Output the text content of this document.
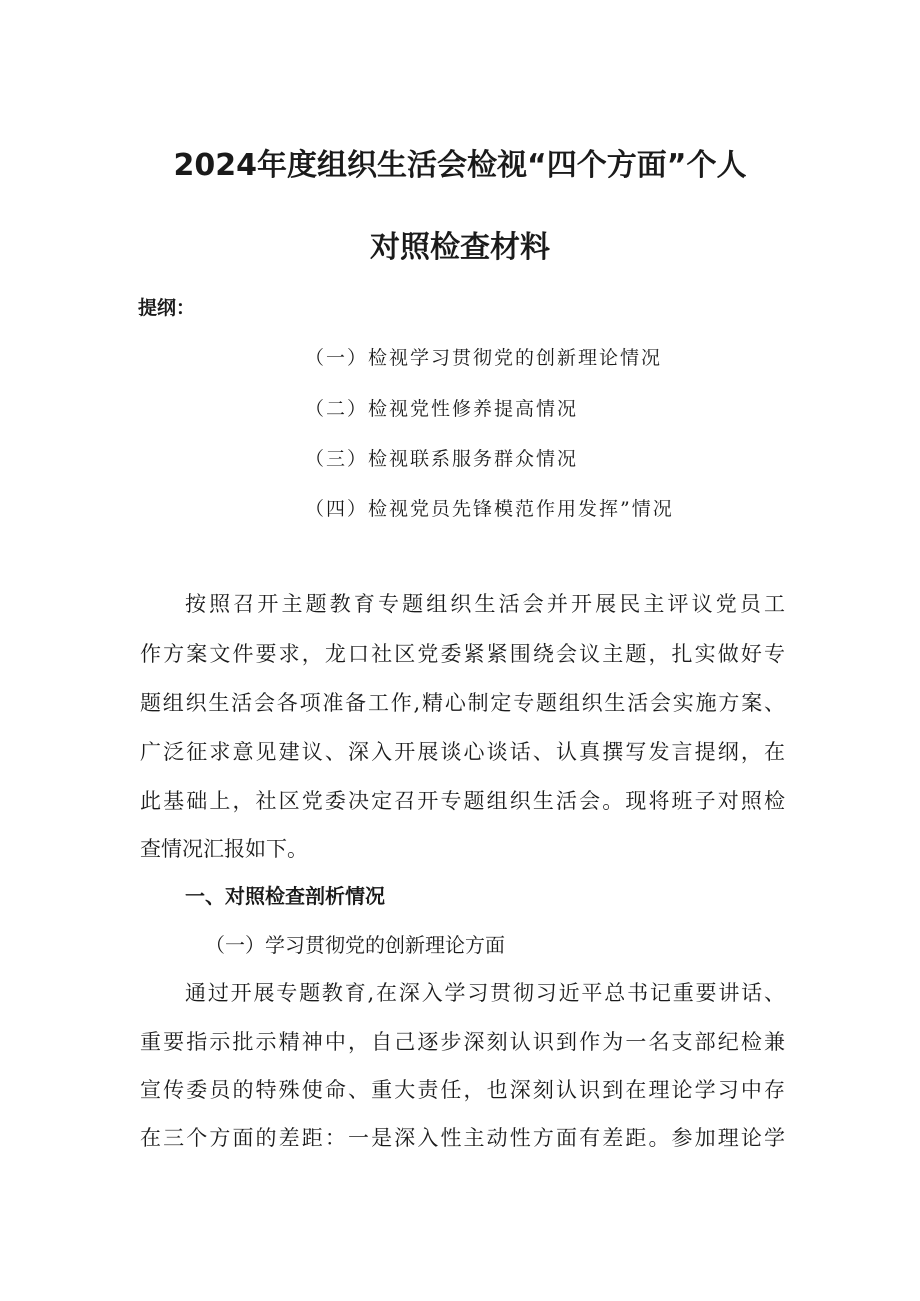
2024年度组织生活会检视“四个方面”个人
对照检查材料
提纲：
（一）检视学习贯彻党的创新理论情况
（二）检视党性修养提高情况
（三）检视联系服务群众情况
（四）检视党员先锋模范作用发挥”情况
按照召开主题教育专题组织生活会并开展民主评议党员工
作方案文件要求，龙口社区党委紧紧围绕会议主题，扎实做好专
题组织生活会各项准备工作,精心制定专题组织生活会实施方案、
广泛征求意见建议、深入开展谈心谈话、认真撰写发言提纲，在
此基础上，社区党委决定召开专题组织生活会。现将班子对照检
查情况汇报如下。
一、对照检查剖析情况
（一）学习贯彻党的创新理论方面
通过开展专题教育,在深入学习贯彻习近平总书记重要讲话、
重要指示批示精神中，自己逐步深刻认识到作为一名支部纪检兼
宣传委员的特殊使命、重大责任，也深刻认识到在理论学习中存
在三个方面的差距：一是深入性主动性方面有差距。参加理论学
